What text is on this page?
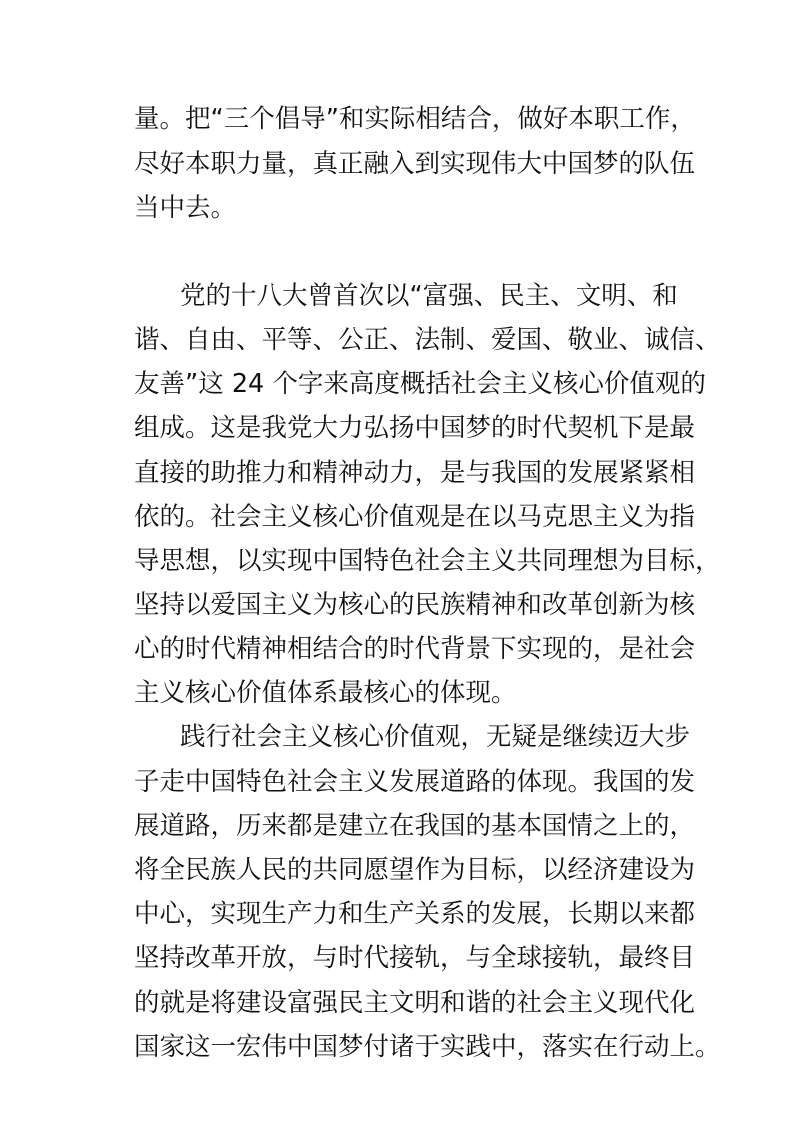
量。把“三个倡导”和实际相结合，做好本职工作，
尽好本职力量，真正融入到实现伟大中国梦的队伍
当中去。
党的十八大曾首次以“富强、民主、文明、和
谐、自由、平等、公正、法制、爱国、敬业、诚信、
友善”这 24 个字来高度概括社会主义核心价值观的
组成。这是我党大力弘扬中国梦的时代契机下是最
直接的助推力和精神动力，是与我国的发展紧紧相
依的。社会主义核心价值观是在以马克思主义为指
导思想，以实现中国特色社会主义共同理想为目标，
坚持以爱国主义为核心的民族精神和改革创新为核
心的时代精神相结合的时代背景下实现的，是社会
主义核心价值体系最核心的体现。
践行社会主义核心价值观，无疑是继续迈大步
子走中国特色社会主义发展道路的体现。我国的发
展道路，历来都是建立在我国的基本国情之上的，
将全民族人民的共同愿望作为目标，以经济建设为
中心，实现生产力和生产关系的发展，长期以来都
坚持改革开放，与时代接轨，与全球接轨，最终目
的就是将建设富强民主文明和谐的社会主义现代化
国家这一宏伟中国梦付诸于实践中，落实在行动上。
